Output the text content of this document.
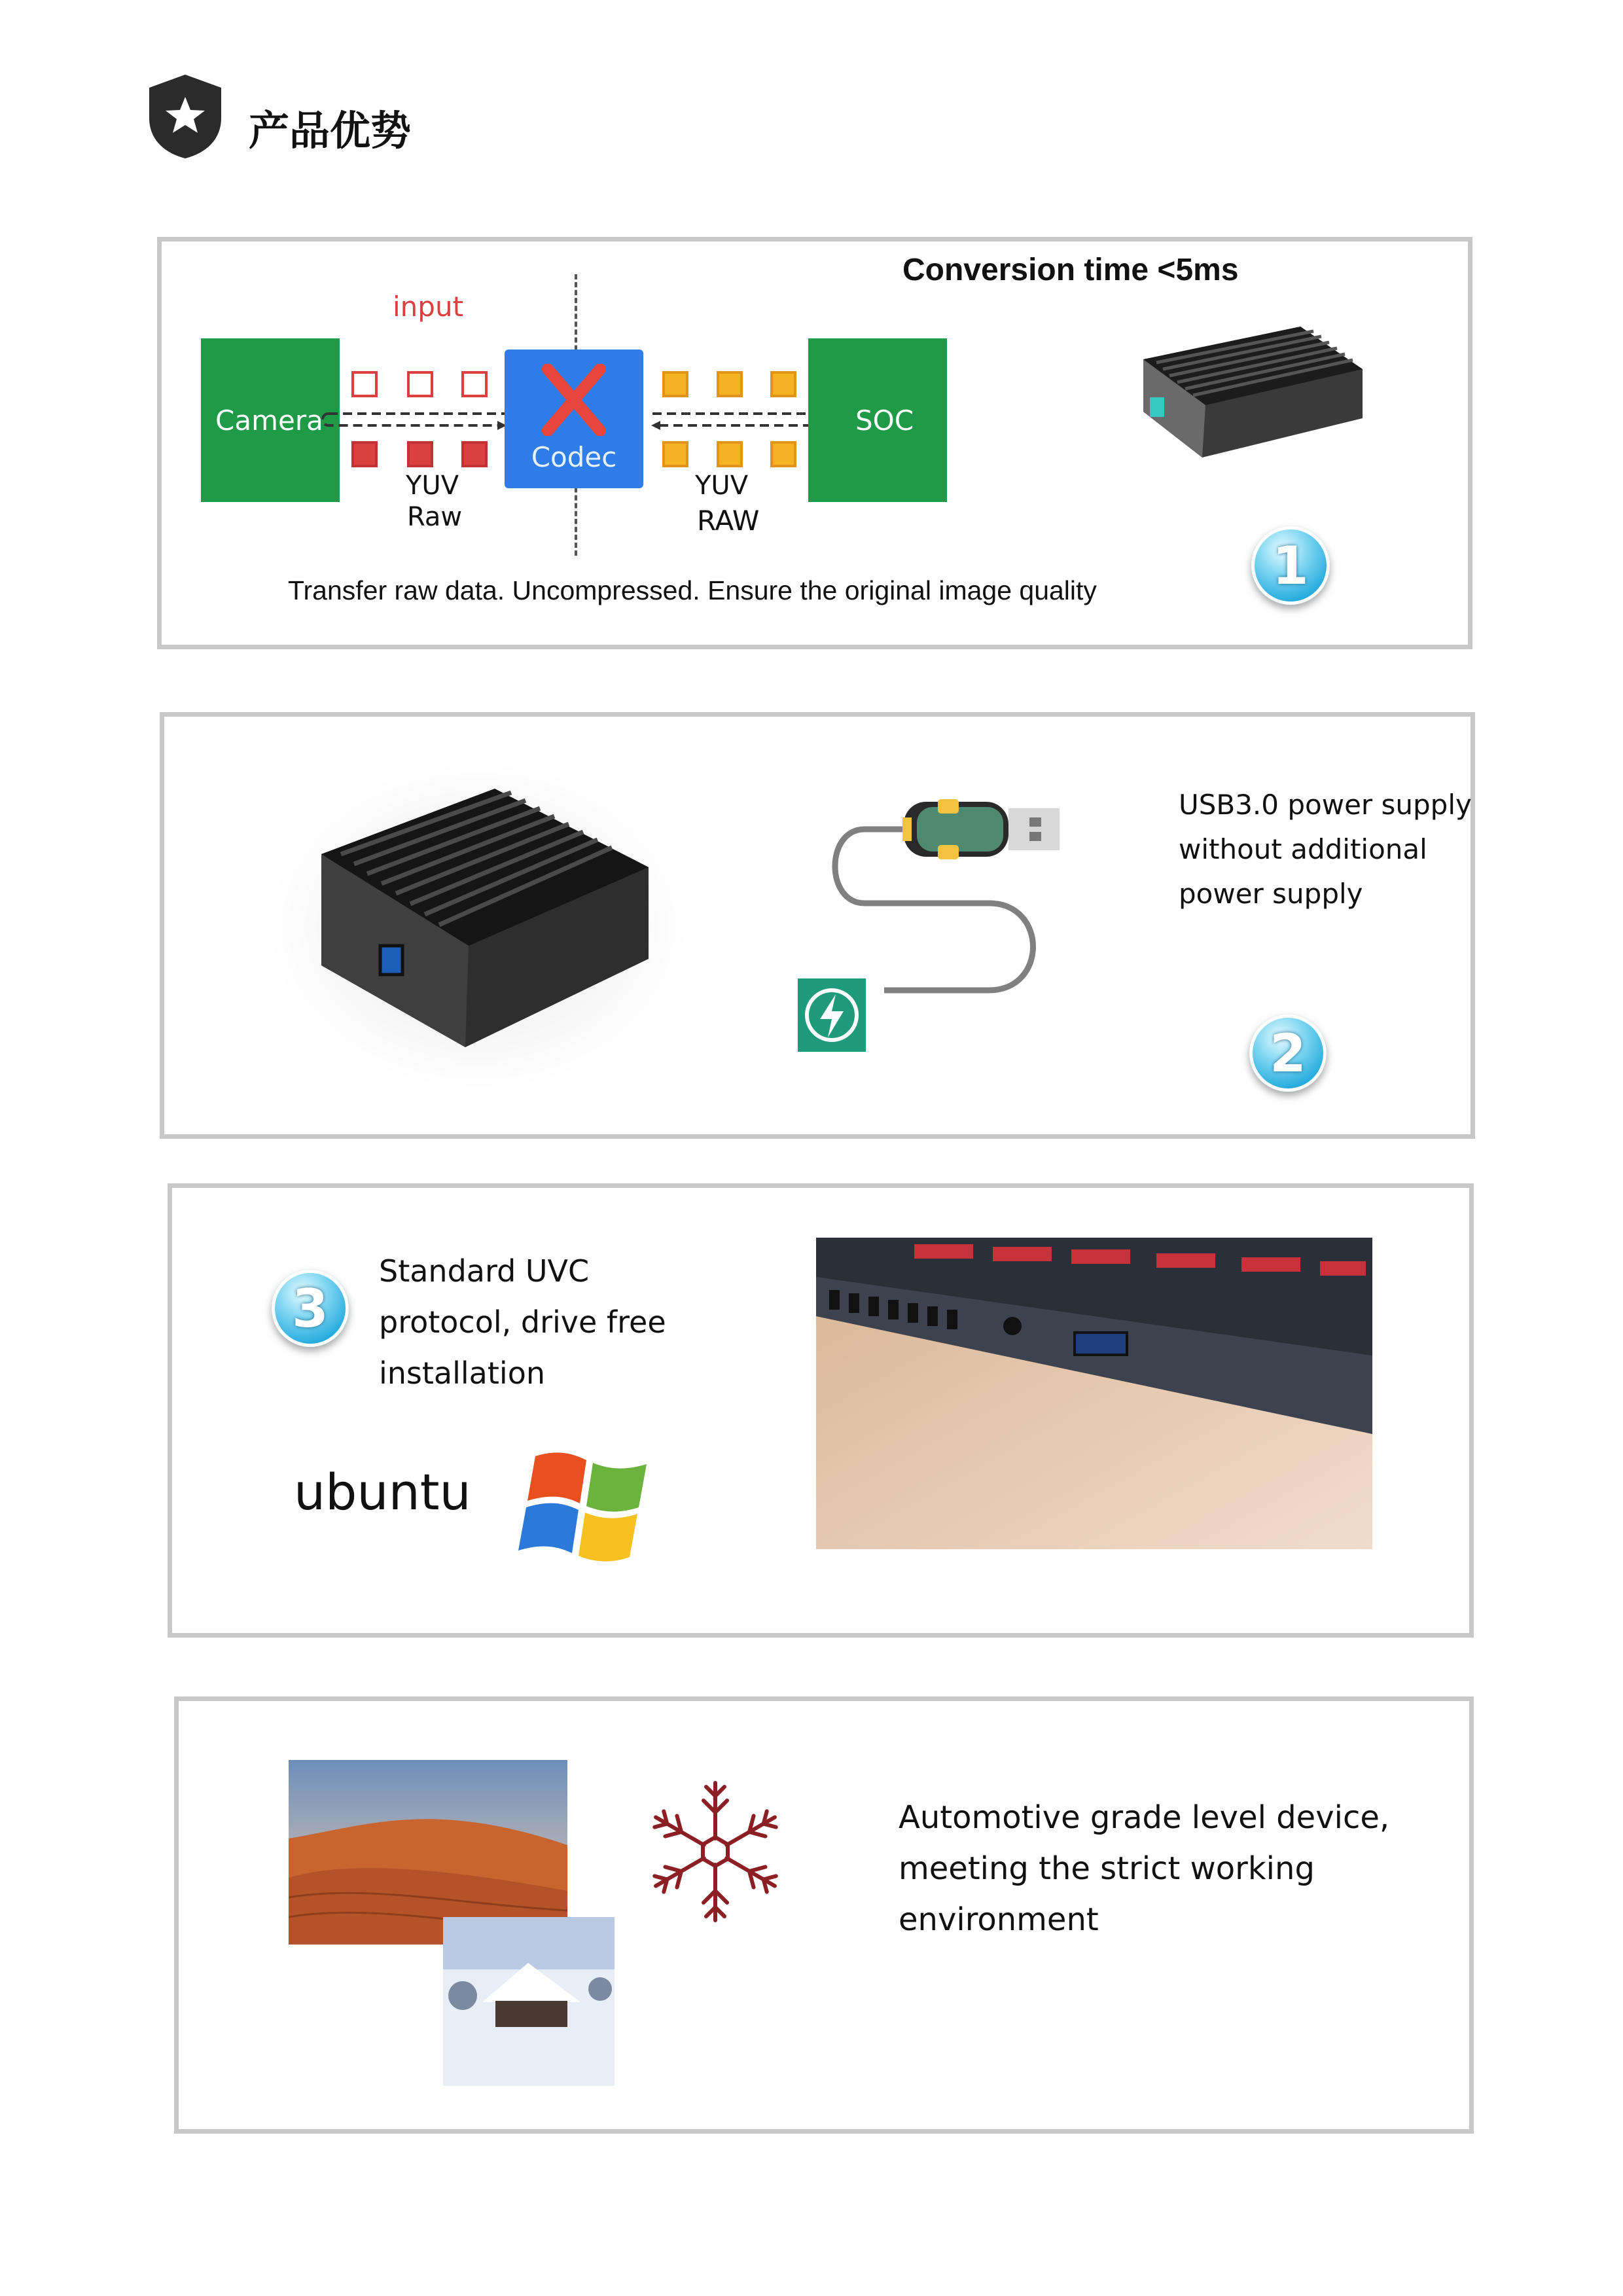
产品优势
Conversion time <5ms
input
Camera
Codec
SOC
YUV
Raw
YUV
RAW
Transfer raw data. Uncompressed. Ensure the original image quality	1
USB3.0 power supply
without additional
power supply
2
3
Standard UVC
protocol, drive free
installation
ubuntu
Automotive grade level device,
meeting the strict working
environment
